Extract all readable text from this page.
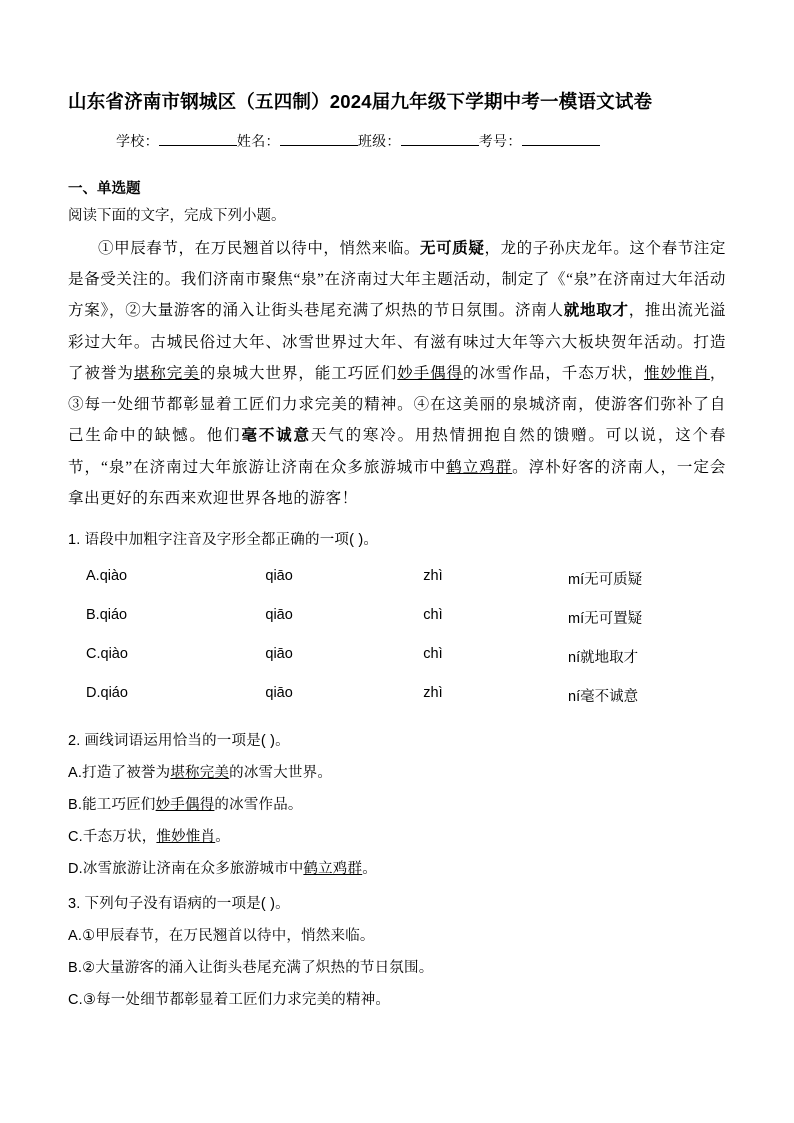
山东省济南市钢城区（五四制）2024届九年级下学期中考一模语文试卷
学校：	姓名：	班级：	考号：
一、单选题
阅读下面的文字，完成下列小题。

①甲辰春节，在万民翘首以待中，悄然来临。无可质疑，龙的子孙庆龙年。这个春节注定是备受关注的。我们济南市聚焦“泉”在济南过大年主题活动，制定了《“泉”在济南过大年活动方案》，②大量游客的涌入让街头巷尾充满了炽热的节日氛围。济南人就地取才，推出流光溢彩过大年。古城民俗过大年、冰雪世界过大年、有滋有味过大年等六大板块贺年活动。打造了被誉为堪称完美的泉城大世界，能工巧匠们妙手偶得的冰雪作品，千态万状，惟妙惟肖，③每一处细节都彰显着工匠们力求完美的精神。④在这美丽的泉城济南，使游客们弥补了自己生命中的缺憾。他们毫不诚意天气的寒冷。用热情拥抱自然的馈赠。可以说，这个春节，“泉”在济南过大年旅游让济南在众多旅游城市中鹤立鸡群。淳朴好客的济南人，一定会拿出更好的东西来欢迎世界各地的游客！

1. 语段中加粗字注音及字形全都正确的一项( )。
A.qiào	qiāo	zhì	mí无可质疑
B.qiáo	qiāo	chì	mí无可置疑
C.qiào	qiāo	chì	ní就地取才
D.qiáo	qiāo	zhì	ní毫不诚意
2. 画线词语运用恰当的一项是( )。
A.打造了被誉为堪称完美的冰雪大世界。
B.能工巧匠们妙手偶得的冰雪作品。
C.千态万状，惟妙惟肖。
D.冰雪旅游让济南在众多旅游城市中鹤立鸡群。
3. 下列句子没有语病的一项是( )。
A.①甲辰春节，在万民翘首以待中，悄然来临。
B.②大量游客的涌入让街头巷尾充满了炽热的节日氛围。
C.③每一处细节都彰显着工匠们力求完美的精神。
